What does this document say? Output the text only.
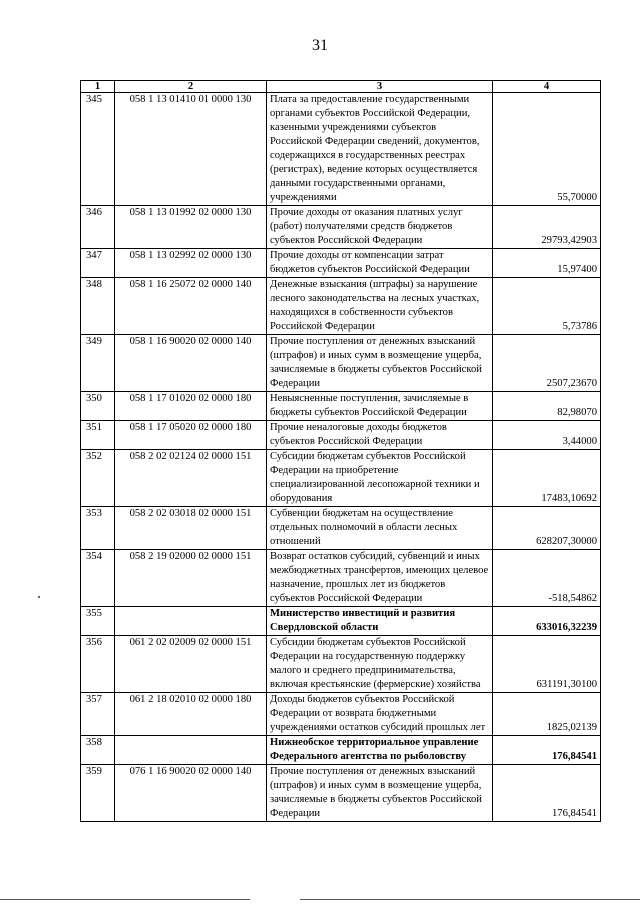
31
1	2	3	4
345	058 1 13 01410 01 0000 130	Плата за предоставление государственными органами субъектов Российской Федерации, казенными учреждениями субъектов Российской Федерации сведений, документов, содержащихся в государственных реестрах (регистрах), ведение которых осуществляется данными государственными органами, учреждениями	55,70000
346	058 1 13 01992 02 0000 130	Прочие доходы от оказания платных услуг (работ) получателями средств бюджетов субъектов Российской Федерации	29793,42903
347	058 1 13 02992 02 0000 130	Прочие доходы от компенсации затрат бюджетов субъектов Российской Федерации	15,97400
348	058 1 16 25072 02 0000 140	Денежные взыскания (штрафы) за нарушение лесного законодательства на лесных участках, находящихся в собственности субъектов Российской Федерации	5,73786
349	058 1 16 90020 02 0000 140	Прочие поступления от денежных взысканий (штрафов) и иных сумм в возмещение ущерба, зачисляемые в бюджеты субъектов Российской Федерации	2507,23670
350	058 1 17 01020 02 0000 180	Невыясненные поступления, зачисляемые в бюджеты субъектов Российской Федерации	82,98070
351	058 1 17 05020 02 0000 180	Прочие неналоговые доходы бюджетов субъектов Российской Федерации	3,44000
352	058 2 02 02124 02 0000 151	Субсидии бюджетам субъектов Российской Федерации на приобретение специализированной лесопожарной техники и оборудования	17483,10692
353	058 2 02 03018 02 0000 151	Субвенции бюджетам на осуществление отдельных полномочий в области лесных отношений	628207,30000
354	058 2 19 02000 02 0000 151	Возврат остатков субсидий, субвенций и иных межбюджетных трансфертов, имеющих целевое назначение, прошлых лет из бюджетов субъектов Российской Федерации	-518,54862
355		Министерство инвестиций и развития Свердловской области	633016,32239
356	061 2 02 02009 02 0000 151	Субсидии бюджетам субъектов Российской Федерации на государственную поддержку малого и среднего предпринимательства, включая крестьянские (фермерские) хозяйства	631191,30100
357	061 2 18 02010 02 0000 180	Доходы бюджетов субъектов Российской Федерации от возврата бюджетными учреждениями остатков субсидий прошлых лет	1825,02139
358		Нижнеобское территориальное управление Федерального агентства по рыболовству	176,84541
359	076 1 16 90020 02 0000 140	Прочие поступления от денежных взысканий (штрафов) и иных сумм в возмещение ущерба, зачисляемые в бюджеты субъектов Российской Федерации	176,84541
